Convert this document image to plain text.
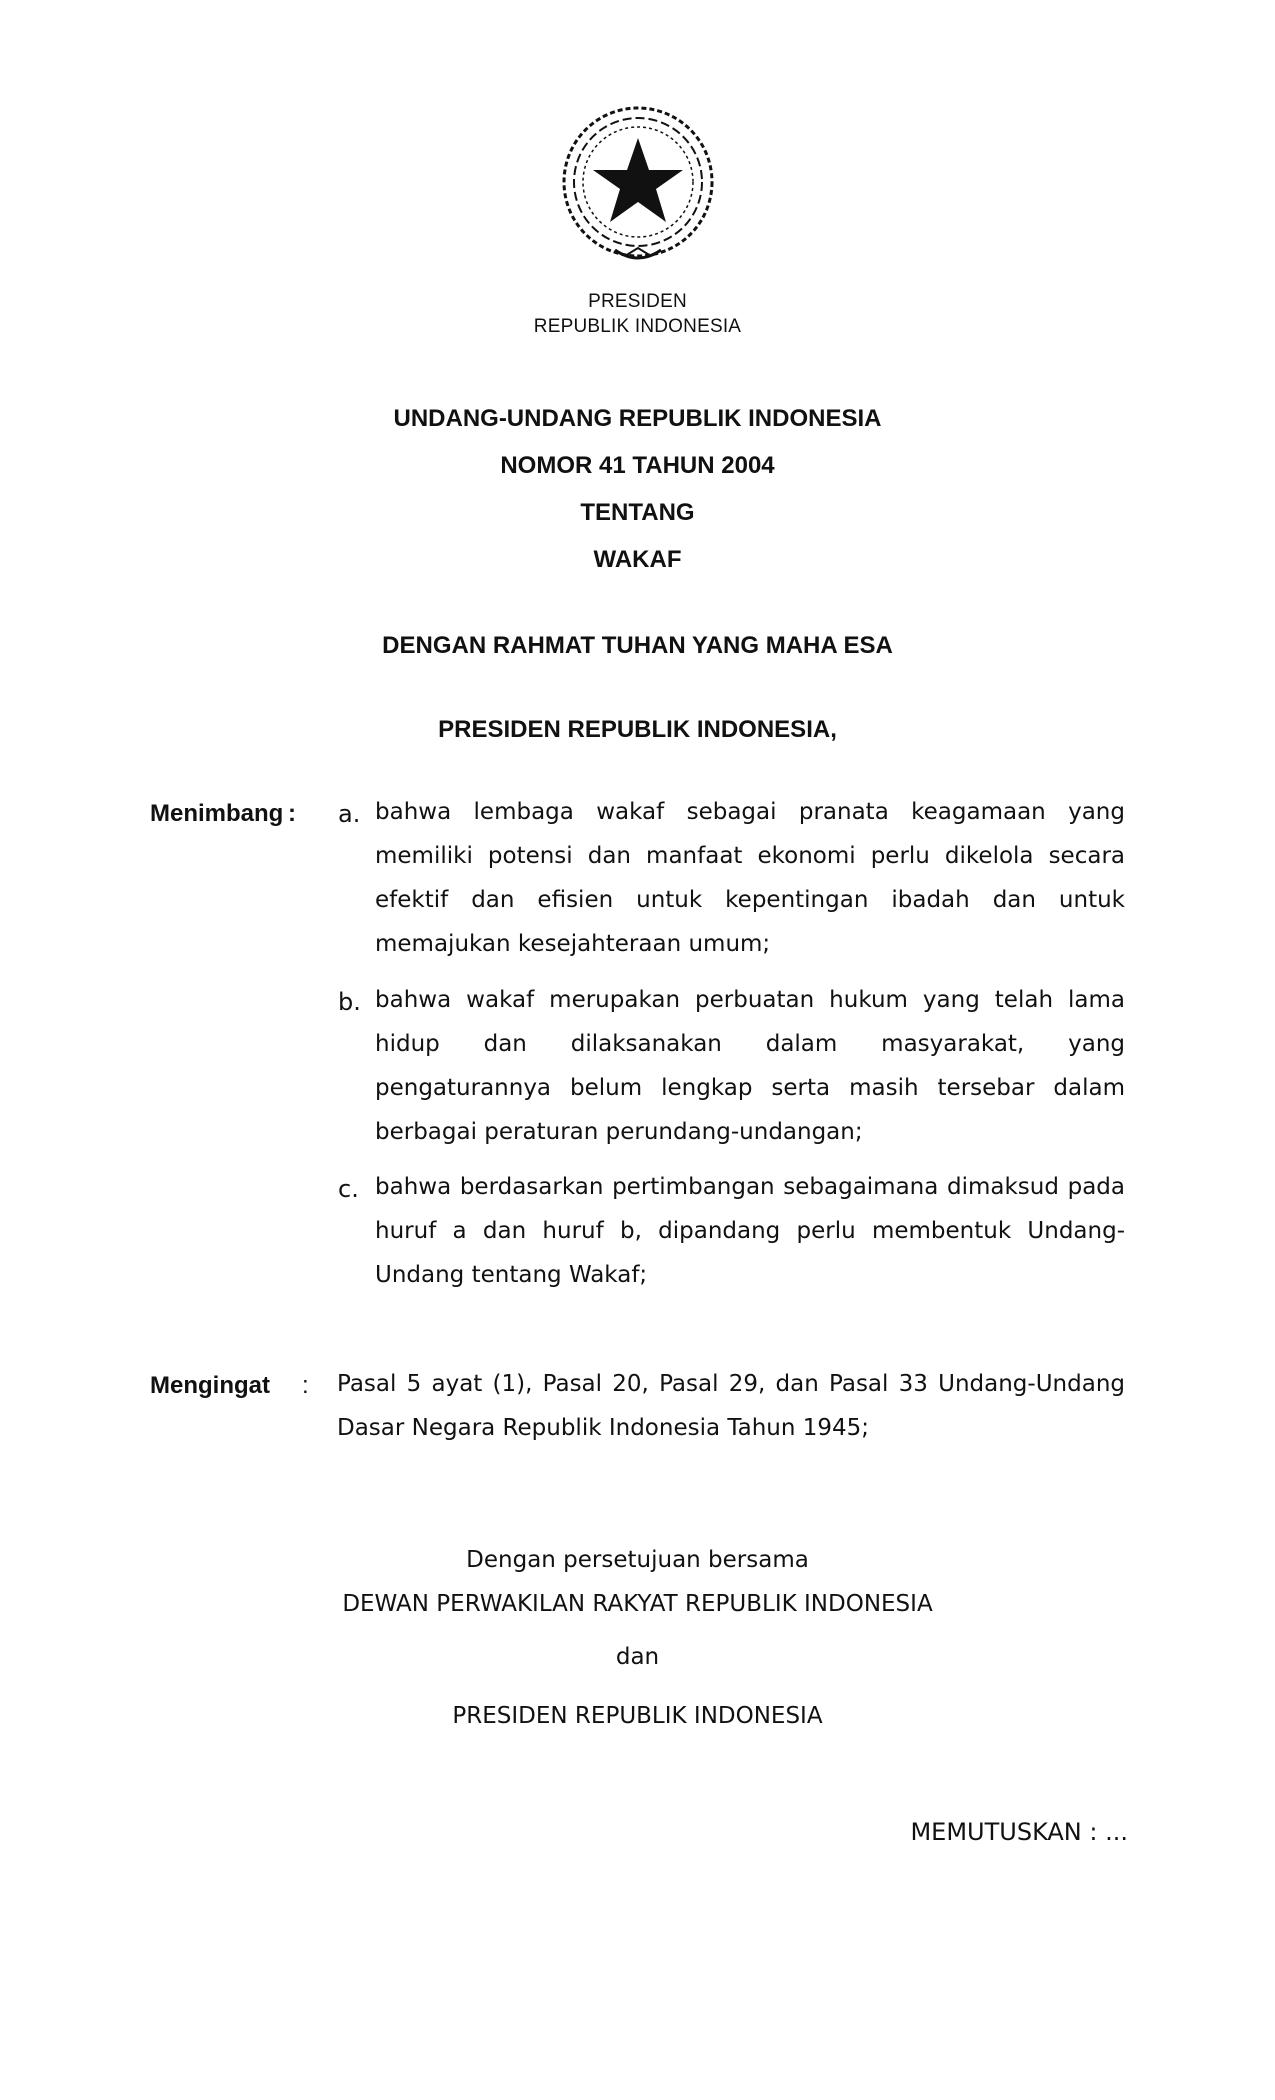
PRESIDEN
REPUBLIK INDONESIA
UNDANG-UNDANG REPUBLIK INDONESIA
NOMOR 41 TAHUN 2004
TENTANG
WAKAF
DENGAN RAHMAT TUHAN YANG MAHA ESA
PRESIDEN REPUBLIK INDONESIA,
Menimbang : a. bahwa lembaga wakaf sebagai pranata keagamaan yang memiliki potensi dan manfaat ekonomi perlu dikelola secara efektif dan efisien untuk kepentingan ibadah dan untuk memajukan kesejahteraan umum;
b. bahwa wakaf merupakan perbuatan hukum yang telah lama hidup dan dilaksanakan dalam masyarakat, yang pengaturannya belum lengkap serta masih tersebar dalam berbagai peraturan perundang-undangan;
c. bahwa berdasarkan pertimbangan sebagaimana dimaksud pada huruf a dan huruf b, dipandang perlu membentuk Undang-Undang tentang Wakaf;
Mengingat : Pasal 5 ayat (1), Pasal 20, Pasal 29, dan Pasal 33 Undang-Undang Dasar Negara Republik Indonesia Tahun 1945;
Dengan persetujuan bersama
DEWAN PERWAKILAN RAKYAT REPUBLIK INDONESIA
dan
PRESIDEN REPUBLIK INDONESIA
MEMUTUSKAN : ...
